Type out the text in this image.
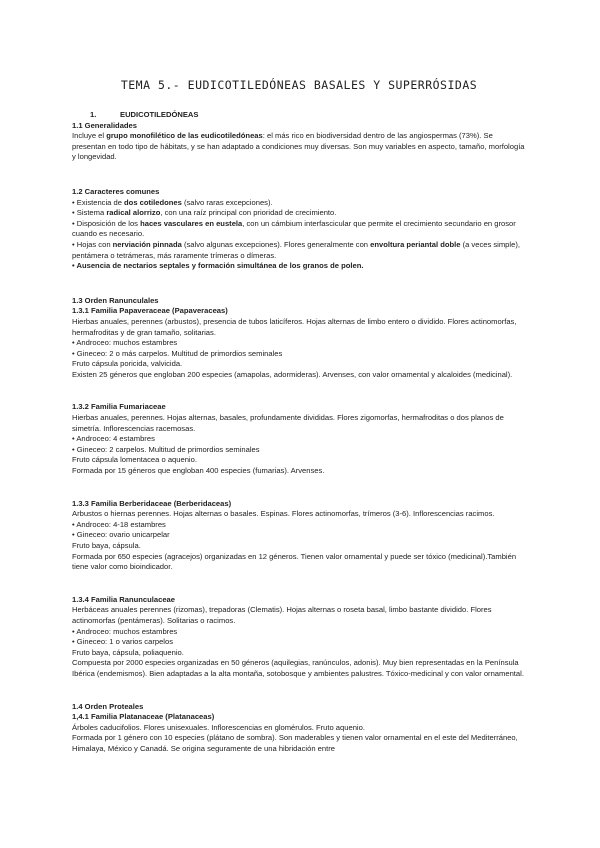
TEMA 5.- EUDICOTILEDÓNEAS BASALES Y SUPERRÓSIDAS
1.	EUDICOTILEDÓNEAS
1.1 Generalidades

Incluye el grupo monofilético de las eudicotiledóneas: el más rico en biodiversidad dentro de las angiospermas (73%). Se presentan en todo tipo de hábitats, y se han adaptado a condiciones muy diversas. Son muy variables en aspecto, tamaño, morfología y longevidad.

1.2 Caracteres comunes

• Existencia de dos cotiledones (salvo raras excepciones).

• Sistema radical alorrizo, con una raíz principal con prioridad de crecimiento.

• Disposición de los haces vasculares en eustela, con un cámbium interfascicular que permite el crecimiento secundario en grosor cuando es necesario.

• Hojas con nerviación pinnada (salvo algunas excepciones). Flores generalmente con envoltura periantal doble (a veces simple), pentámera o tetrámeras, más raramente trímeras o dímeras.

• Ausencia de nectarios septales y formación simultánea de los granos de polen.

1.3 Orden Ranunculales
1.3.1 Familia Papaveraceae (Papaveraceas)

Hierbas anuales, perennes (arbustos), presencia de tubos laticíferos. Hojas alternas de limbo entero o dividido. Flores actinomorfas, hermafroditas y de gran tamaño, solitarias.

• Androceo: muchos estambres

• Gineceo: 2 o más carpelos. Multitud de primordios seminales

Fruto cápsula poricida, valvicida.

Existen 25 géneros que engloban 200 especies (amapolas, adormideras). Arvenses, con valor ornamental y alcaloides (medicinal).

1.3.2 Familia Fumariaceae

Hierbas anuales, perennes. Hojas alternas, basales, profundamente divididas. Flores zigomorfas, hermafroditas o dos planos de simetría. Inflorescencias racemosas.

• Androceo: 4 estambres

• Gineceo: 2 carpelos. Multitud de primordios seminales

Fruto cápsula lomentacea o aquenio.

Formada por 15 géneros que engloban 400 especies (fumarias). Arvenses.

1.3.3 Familia Berberidaceae (Berberidaceas)

Arbustos o hiernas perennes. Hojas alternas o basales. Espinas. Flores actinomorfas, trímeros (3-6). Inflorescencias racimos.

• Androceo: 4-18 estambres

• Gineceo: ovario unicarpelar

Fruto baya, cápsula.

Formada por 650 especies (agracejos) organizadas en 12 géneros. Tienen valor ornamental y puede ser tóxico (medicinal).También tiene valor como bioindicador.

1.3.4 Familia Ranunculaceae

Herbáceas anuales perennes (rizomas), trepadoras (Clematis). Hojas alternas o roseta basal, limbo bastante dividido. Flores actinomorfas (pentámeras). Solitarias o racimos.

• Androceo: muchos estambres

• Gineceo: 1 o varios carpelos

Fruto baya, cápsula, poliaquenio.

Compuesta por 2000 especies organizadas en 50 géneros (aquilegias, ranúnculos, adonis). Muy bien representadas en la Península Ibérica (endemismos). Bien adaptadas a la alta montaña, sotobosque y ambientes palustres. Tóxico-medicinal y con valor ornamental.

1.4 Orden Proteales
1,4.1 Familia Platanaceae (Platanaceas)

Árboles caducifolios. Flores unisexuales. Inflorescencias en glomérulos. Fruto aquenio.

Formada por 1 género con 10 especies (plátano de sombra). Son maderables y tienen valor ornamental en el este del Mediterráneo, Himalaya, México y Canadá. Se origina seguramente de una hibridación entre
